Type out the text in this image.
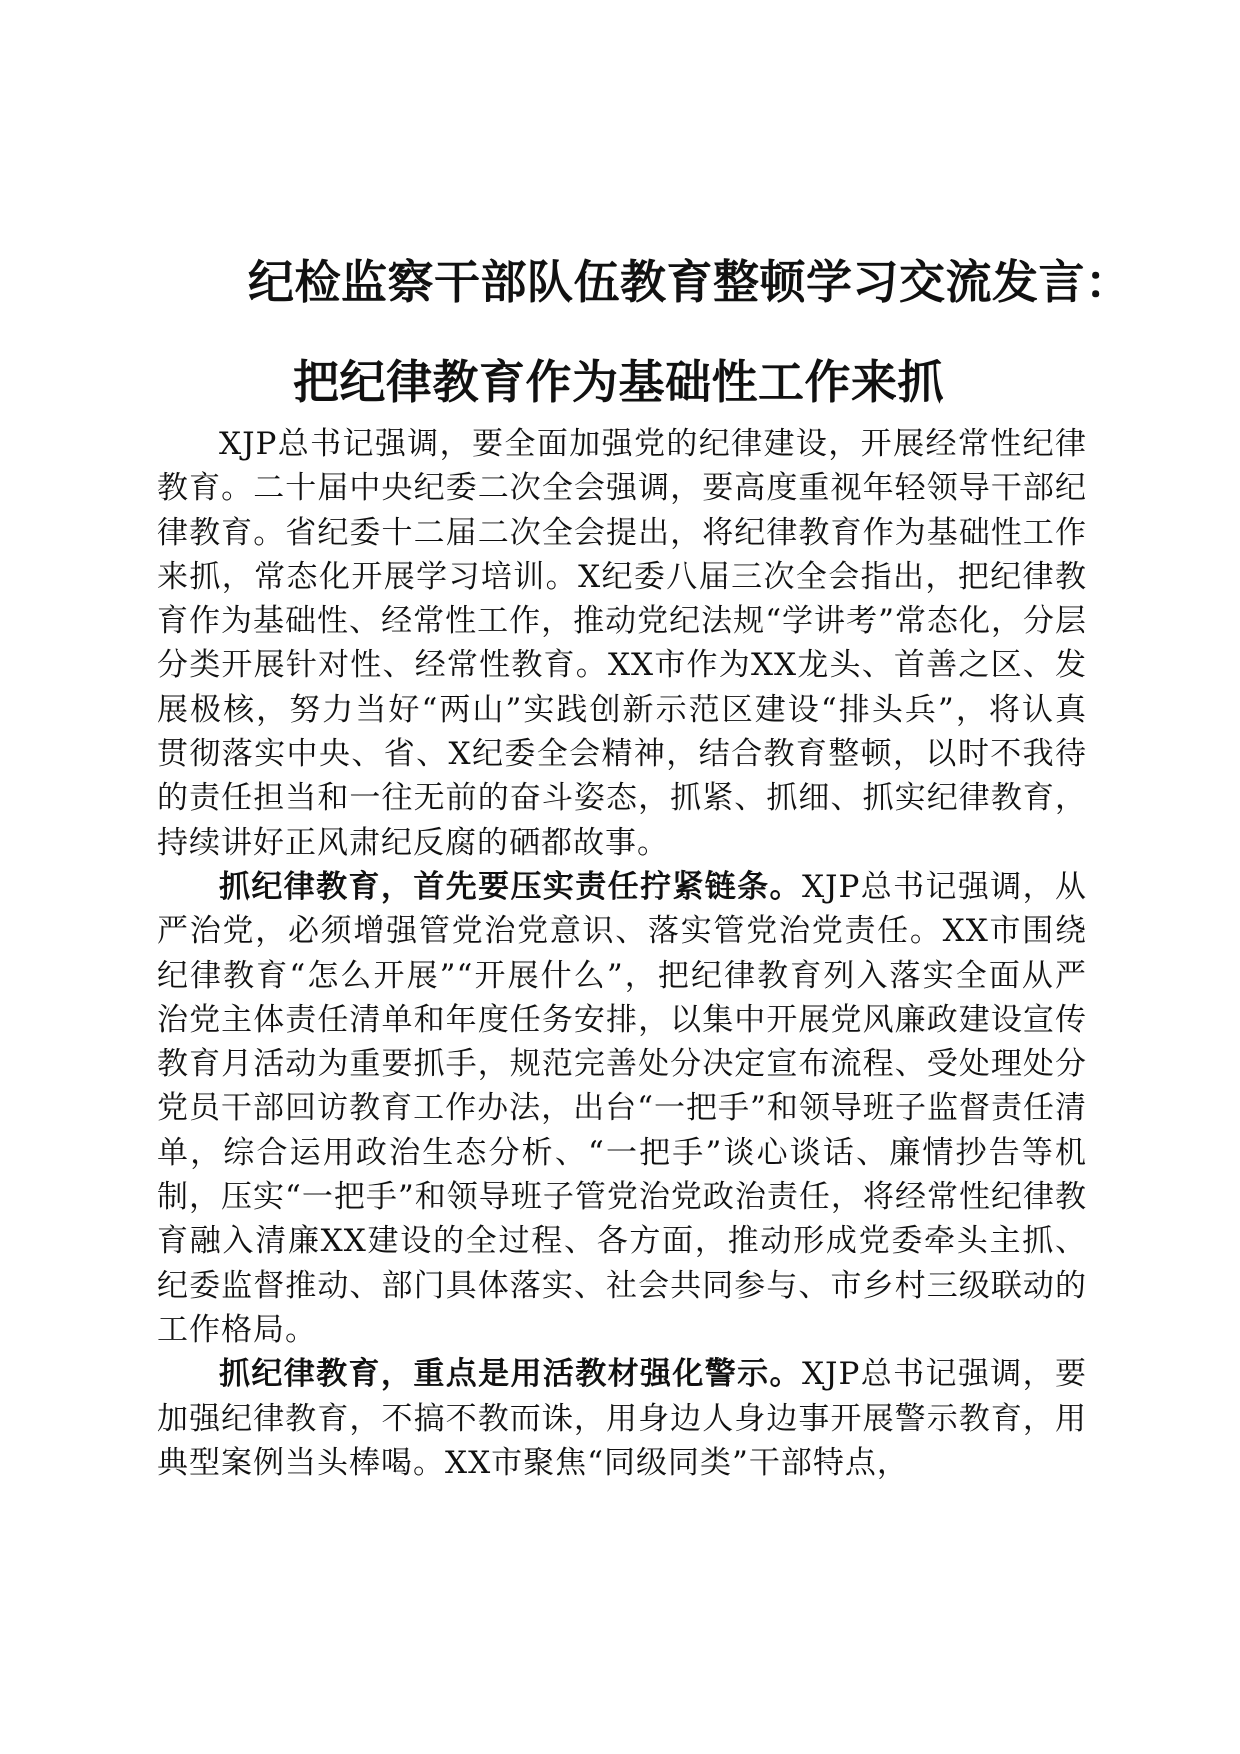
纪检监察干部队伍教育整顿学习交流发言：
把纪律教育作为基础性工作来抓

XJP总书记强调，要全面加强党的纪律建设，开展经常性纪律教育。二十届中央纪委二次全会强调，要高度重视年轻领导干部纪律教育。省纪委十二届二次全会提出，将纪律教育作为基础性工作来抓，常态化开展学习培训。X纪委八届三次全会指出，把纪律教育作为基础性、经常性工作，推动党纪法规“学讲考”常态化，分层分类开展针对性、经常性教育。XX市作为XX龙头、首善之区、发展极核，努力当好“两山”实践创新示范区建设“排头兵”，将认真贯彻落实中央、省、X纪委全会精神，结合教育整顿，以时不我待的责任担当和一往无前的奋斗姿态，抓紧、抓细、抓实纪律教育，持续讲好正风肃纪反腐的硒都故事。

抓纪律教育，首先要压实责任拧紧链条。XJP总书记强调，从严治党，必须增强管党治党意识、落实管党治党责任。XX市围绕纪律教育“怎么开展”“开展什么”，把纪律教育列入落实全面从严治党主体责任清单和年度任务安排，以集中开展党风廉政建设宣传教育月活动为重要抓手，规范完善处分决定宣布流程、受处理处分党员干部回访教育工作办法，出台“一把手”和领导班子监督责任清单，综合运用政治生态分析、“一把手”谈心谈话、廉情抄告等机制，压实“一把手”和领导班子管党治党政治责任，将经常性纪律教育融入清廉XX建设的全过程、各方面，推动形成党委牵头主抓、纪委监督推动、部门具体落实、社会共同参与、市乡村三级联动的工作格局。

抓纪律教育，重点是用活教材强化警示。XJP总书记强调，要加强纪律教育，不搞不教而诛，用身边人身边事开展警示教育，用典型案例当头棒喝。XX市聚焦“同级同类”干部特点，
